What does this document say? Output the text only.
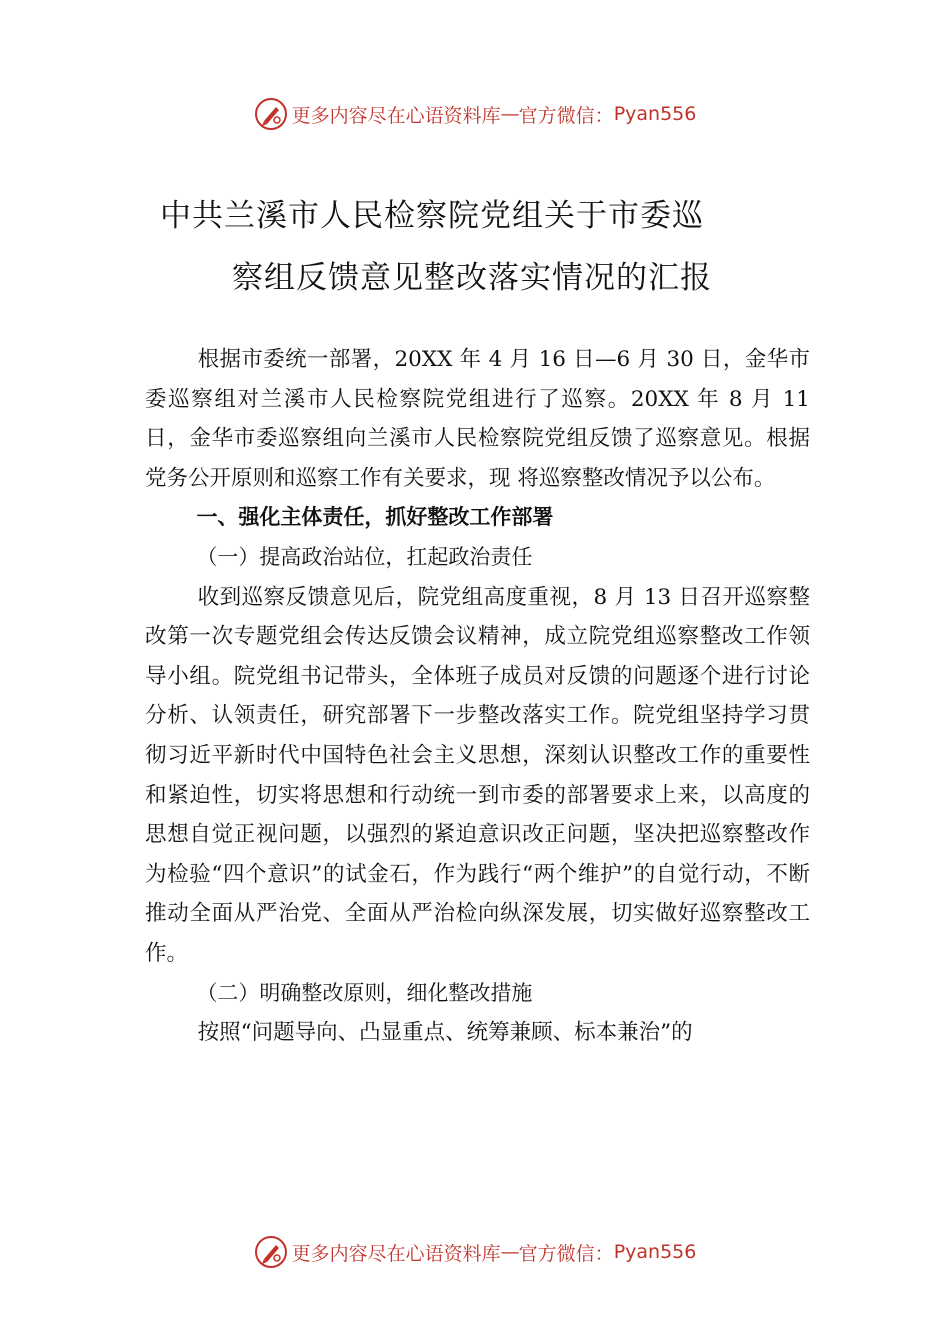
更多内容尽在心语资料库 — 官方微信： Pyan556
中共兰溪市人民检察院党组关于市委巡
察组反馈意见整改落实情况的汇报

根据市委统一部署，20XX 年 4 月 16 日—6 月 30 日，金华市委巡察组对兰溪市人民检察院党组进行了巡察。20XX 年 8 月 11 日，金华市委巡察组向兰溪市人民检察院党组反馈了巡察意见。根据党务公开原则和巡察工作有关要求，现 将巡察整改情况予以公布。

一、强化主体责任，抓好整改工作部署

（一）提高政治站位，扛起政治责任

收到巡察反馈意见后，院党组高度重视，8 月 13 日召开巡察整改第一次专题党组会传达反馈会议精神，成立院党组巡察整改工作领导小组。院党组书记带头，全体班子成员对反馈的问题逐个进行讨论分析、认领责任，研究部署下一步整改落实工作。院党组坚持学习贯彻习近平新时代中国特色社会主义思想，深刻认识整改工作的重要性和紧迫性，切实将思想和行动统一到市委的部署要求上来，以高度的思想自觉正视问题，以强烈的紧迫意识改正问题，坚决把巡察整改作为检验“四个意识”的试金石，作为践行“两个维护”的自觉行动，不断推动全面从严治党、全面从严治检向纵深发展，切实做好巡察整改工作。

（二）明确整改原则，细化整改措施

按照“问题导向、凸显重点、统筹兼顾、标本兼治”的

更多内容尽在心语资料库 — 官方微信： Pyan556
